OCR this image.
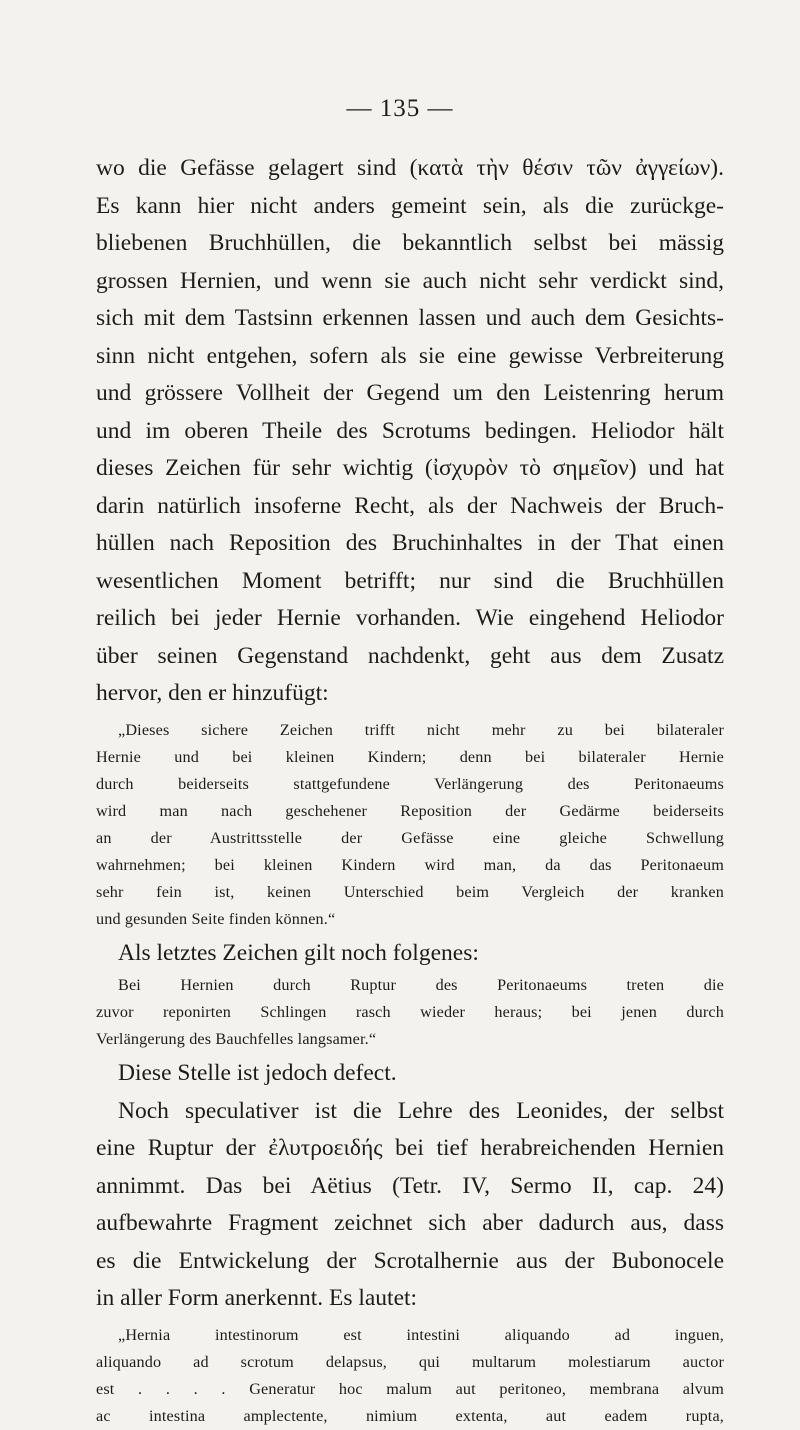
— 135 —

wo die Gefässe gelagert sind (κατὰ τὴν θέσιν τῶν ἀγγείων).
Es kann hier nicht anders gemeint sein, als die zurückge-
bliebenen Bruchhüllen, die bekanntlich selbst bei mässig
grossen Hernien, und wenn sie auch nicht sehr verdickt sind,
sich mit dem Tastsinn erkennen lassen und auch dem Gesichts-
sinn nicht entgehen, sofern als sie eine gewisse Verbreiterung
und grössere Vollheit der Gegend um den Leistenring herum
und im oberen Theile des Scrotums bedingen. Heliodor hält
dieses Zeichen für sehr wichtig (ἰσχυρὸν τὸ σημεῖον) und hat
darin natürlich insoferne Recht, als der Nachweis der Bruch-
hüllen nach Reposition des Bruchinhaltes in der That einen
wesentlichen Moment betrifft; nur sind die Bruchhüllen
reilich bei jeder Hernie vorhanden. Wie eingehend Heliodor
über seinen Gegenstand nachdenkt, geht aus dem Zusatz
hervor, den er hinzufügt:

„Dieses sichere Zeichen trifft nicht mehr zu bei bilateraler
Hernie und bei kleinen Kindern; denn bei bilateraler Hernie
durch beiderseits stattgefundene Verlängerung des Peritonaeums
wird man nach geschehener Reposition der Gedärme beiderseits
an der Austrittsstelle der Gefässe eine gleiche Schwellung
wahrnehmen; bei kleinen Kindern wird man, da das Peritonaeum
sehr fein ist, keinen Unterschied beim Vergleich der kranken
und gesunden Seite finden können.“

Als letztes Zeichen gilt noch folgenes:

Bei Hernien durch Ruptur des Peritonaeums treten die
zuvor reponirten Schlingen rasch wieder heraus; bei jenen durch
Verlängerung des Bauchfelles langsamer.“

Diese Stelle ist jedoch defect.
Noch speculativer ist die Lehre des Leonides, der selbst
eine Ruptur der ἐλυτροειδής bei tief herabreichenden Hernien
annimmt. Das bei Aëtius (Tetr. IV, Sermo II, cap. 24)
aufbewahrte Fragment zeichnet sich aber dadurch aus, dass
es die Entwickelung der Scrotalhernie aus der Bubonocele
in aller Form anerkennt. Es lautet:

„Hernia intestinorum est intestini aliquando ad inguen,
aliquando ad scrotum delapsus, qui multarum molestiarum auctor
est . . . . Generatur hoc malum aut peritoneo, membrana alvum
ac intestina amplectente, nimium extenta, aut eadem rupta,
